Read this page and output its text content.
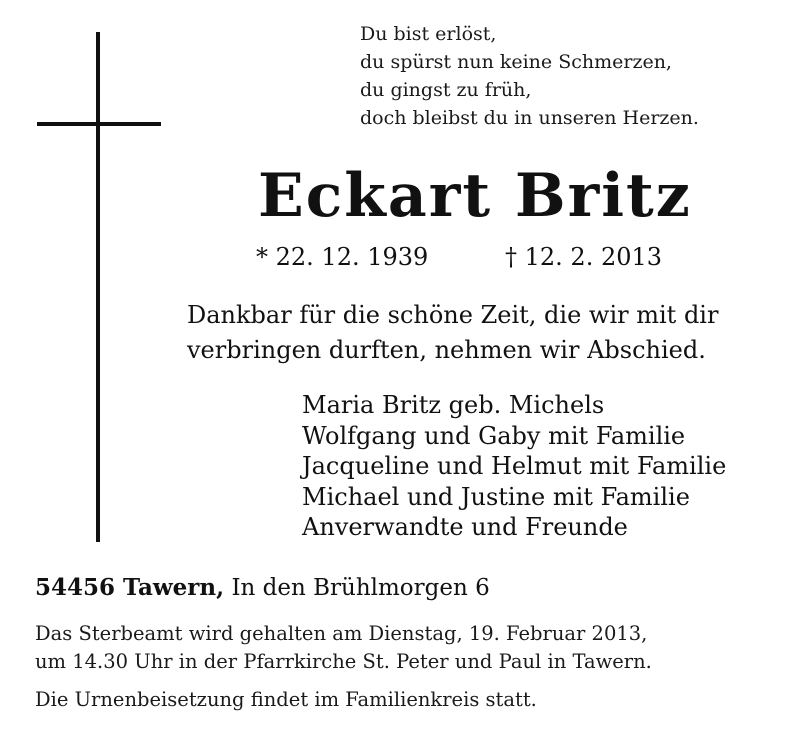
Du bist erlöst,
du spürst nun keine Schmerzen,
du gingst zu früh,
doch bleibst du in unseren Herzen.
Eckart Britz
* 22. 12. 1939	† 12. 2. 2013
Dankbar für die schöne Zeit, die wir mit dir
verbringen durften, nehmen wir Abschied.
Maria Britz geb. Michels
Wolfgang und Gaby mit Familie
Jacqueline und Helmut mit Familie
Michael und Justine mit Familie
Anverwandte und Freunde
54456 Tawern, In den Brühlmorgen 6
Das Sterbeamt wird gehalten am Dienstag, 19. Februar 2013,
um 14.30 Uhr in der Pfarrkirche St. Peter und Paul in Tawern.
Die Urnenbeisetzung findet im Familienkreis statt.
